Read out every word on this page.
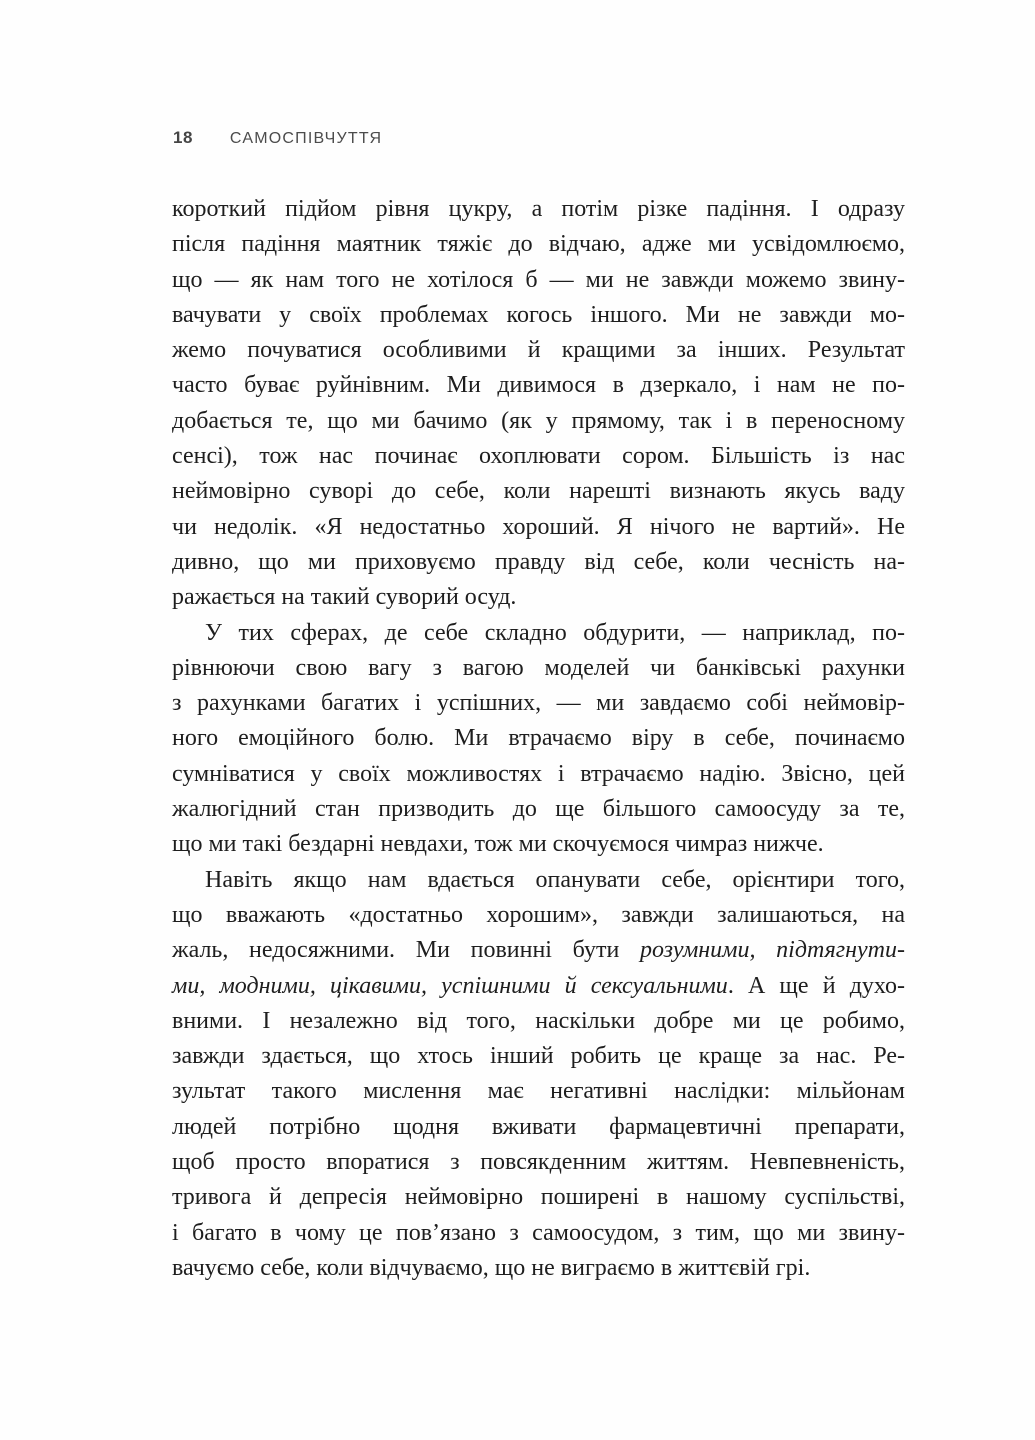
18 САМОСПІВЧУТТЯ
короткий підйом рівня цукру, а потім різке падіння. І одразу
після падіння маятник тяжіє до відчаю, адже ми усвідомлюємо,
що — як нам того не хотілося б — ми не завжди можемо звину-
вачувати у своїх проблемах когось іншого. Ми не завжди мо-
жемо почуватися особливими й кращими за інших. Результат
часто буває руйнівним. Ми дивимося в дзеркало, і нам не по-
добається те, що ми бачимо (як у прямому, так і в переносному
сенсі), тож нас починає охоплювати сором. Більшість із нас
неймовірно суворі до себе, коли нарешті визнають якусь ваду
чи недолік. «Я недостатньо хороший. Я нічого не вартий». Не
дивно, що ми приховуємо правду від себе, коли чесність на-
ражається на такий суворий осуд.
У тих сферах, де себе складно обдурити, — наприклад, по-
рівнюючи свою вагу з вагою моделей чи банківські рахунки
з рахунками багатих і успішних, — ми завдаємо собі неймовір-
ного емоційного болю. Ми втрачаємо віру в себе, починаємо
сумніватися у своїх можливостях і втрачаємо надію. Звісно, цей
жалюгідний стан призводить до ще більшого самоосуду за те,
що ми такі бездарні невдахи, тож ми скочуємося чимраз нижче.
Навіть якщо нам вдається опанувати себе, орієнтири того,
що вважають «достатньо хорошим», завжди залишаються, на
жаль, недосяжними. Ми повинні бути розумними, підтягнути-
ми, модними, цікавими, успішними й сексуальними. А ще й духо-
вними. І незалежно від того, наскільки добре ми це робимо,
завжди здається, що хтось інший робить це краще за нас. Ре-
зультат такого мислення має негативні наслідки: мільйонам
людей потрібно щодня вживати фармацевтичні препарати,
щоб просто впоратися з повсякденним життям. Невпевненість,
тривога й депресія неймовірно поширені в нашому суспільстві,
і багато в чому це пов’язано з самоосудом, з тим, що ми звину-
вачуємо себе, коли відчуваємо, що не виграємо в життєвій грі.
